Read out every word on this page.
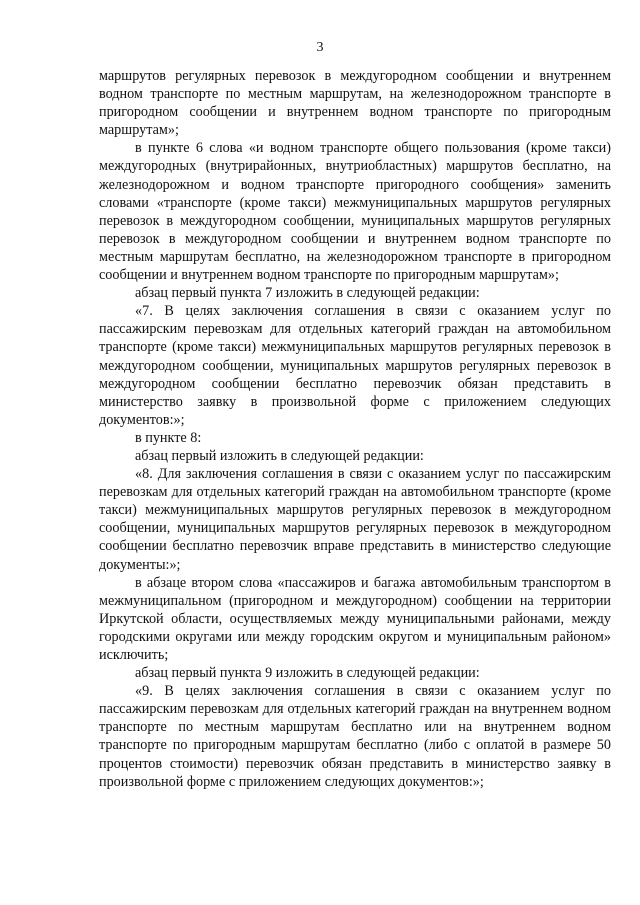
3

маршрутов регулярных перевозок в междугородном сообщении и внутреннем водном транспорте по местным маршрутам, на железнодорожном транспорте в пригородном сообщении и внутреннем водном транспорте по пригородным маршрутам»;

в пункте 6 слова «и водном транспорте общего пользования (кроме такси) междугородных (внутрирайонных, внутриобластных) маршрутов бесплатно, на железнодорожном и водном транспорте пригородного сообщения» заменить словами «транспорте (кроме такси) межмуниципальных маршрутов регулярных перевозок в междугородном сообщении, муниципальных маршрутов регулярных перевозок в междугородном сообщении и внутреннем водном транспорте по местным маршрутам бесплатно, на железнодорожном транспорте в пригородном сообщении и внутреннем водном транспорте по пригородным маршрутам»;

абзац первый пункта 7 изложить в следующей редакции:

«7. В целях заключения соглашения в связи с оказанием услуг по пассажирским перевозкам для отдельных категорий граждан на автомобильном транспорте (кроме такси) межмуниципальных маршрутов регулярных перевозок в междугородном сообщении, муниципальных маршрутов регулярных перевозок в междугородном сообщении бесплатно перевозчик обязан представить в министерство заявку в произвольной форме с приложением следующих документов:»;

в пункте 8:

абзац первый изложить в следующей редакции:

«8. Для заключения соглашения в связи с оказанием услуг по пассажирским перевозкам для отдельных категорий граждан на автомобильном транспорте (кроме такси) межмуниципальных маршрутов регулярных перевозок в междугородном сообщении, муниципальных маршрутов регулярных перевозок в междугородном сообщении бесплатно перевозчик вправе представить в министерство следующие документы:»;

в абзаце втором слова «пассажиров и багажа автомобильным транспортом в межмуниципальном (пригородном и междугородном) сообщении на территории Иркутской области, осуществляемых между муниципальными районами, между городскими округами или между городским округом и муниципальным районом» исключить;

абзац первый пункта 9 изложить в следующей редакции:

«9. В целях заключения соглашения в связи с оказанием услуг по пассажирским перевозкам для отдельных категорий граждан на внутреннем водном транспорте по местным маршрутам бесплатно или на внутреннем водном транспорте по пригородным маршрутам бесплатно (либо с оплатой в размере 50 процентов стоимости) перевозчик обязан представить в министерство заявку в произвольной форме с приложением следующих документов:»;
